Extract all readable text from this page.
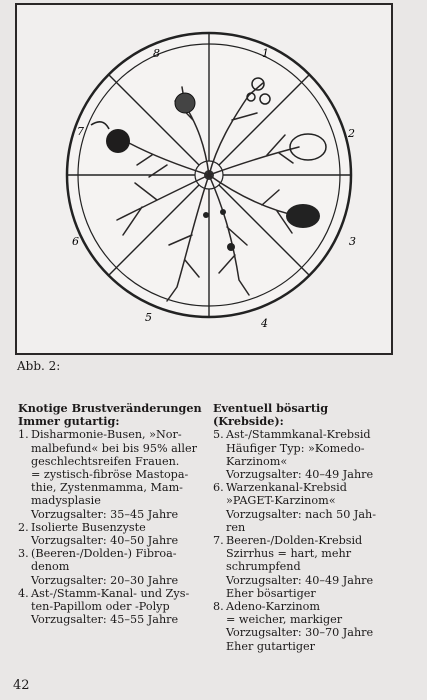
1
2
3
4
5
6
7
8
Abb. 2:
Knotige Brustveränderungen
Immer gutartig:
1. Disharmonie-Busen, »Nor-
malbefund« bei bis 95% aller
geschlechtsreifen Frauen.
= zystisch-fibröse Mastopa-
thie, Zystenmamma, Mam-
madysplasie
Vorzugsalter: 35–45 Jahre
2. Isolierte Busenzyste
Vorzugsalter: 40–50 Jahre
3. (Beeren-/Dolden-) Fibroa-
denom
Vorzugsalter: 20–30 Jahre
4. Ast-/Stamm-Kanal- und Zys-
ten-Papillom oder -Polyp
Vorzugsalter: 45–55 Jahre
Eventuell bösartig (Krebside):
5. Ast-/Stammkanal-Krebsid
Häufiger Typ: »Komedo-
Karzinom«
Vorzugsalter: 40–49 Jahre
6. Warzenkanal-Krebsid
»PAGET-Karzinom«
Vorzugsalter: nach 50 Jah-
ren
7. Beeren-/Dolden-Krebsid
Szirrhus = hart, mehr
schrumpfend
Vorzugsalter: 40–49 Jahre
Eher bösartiger
8. Adeno-Karzinom
= weicher, markiger
Vorzugsalter: 30–70 Jahre
Eher gutartiger
42
